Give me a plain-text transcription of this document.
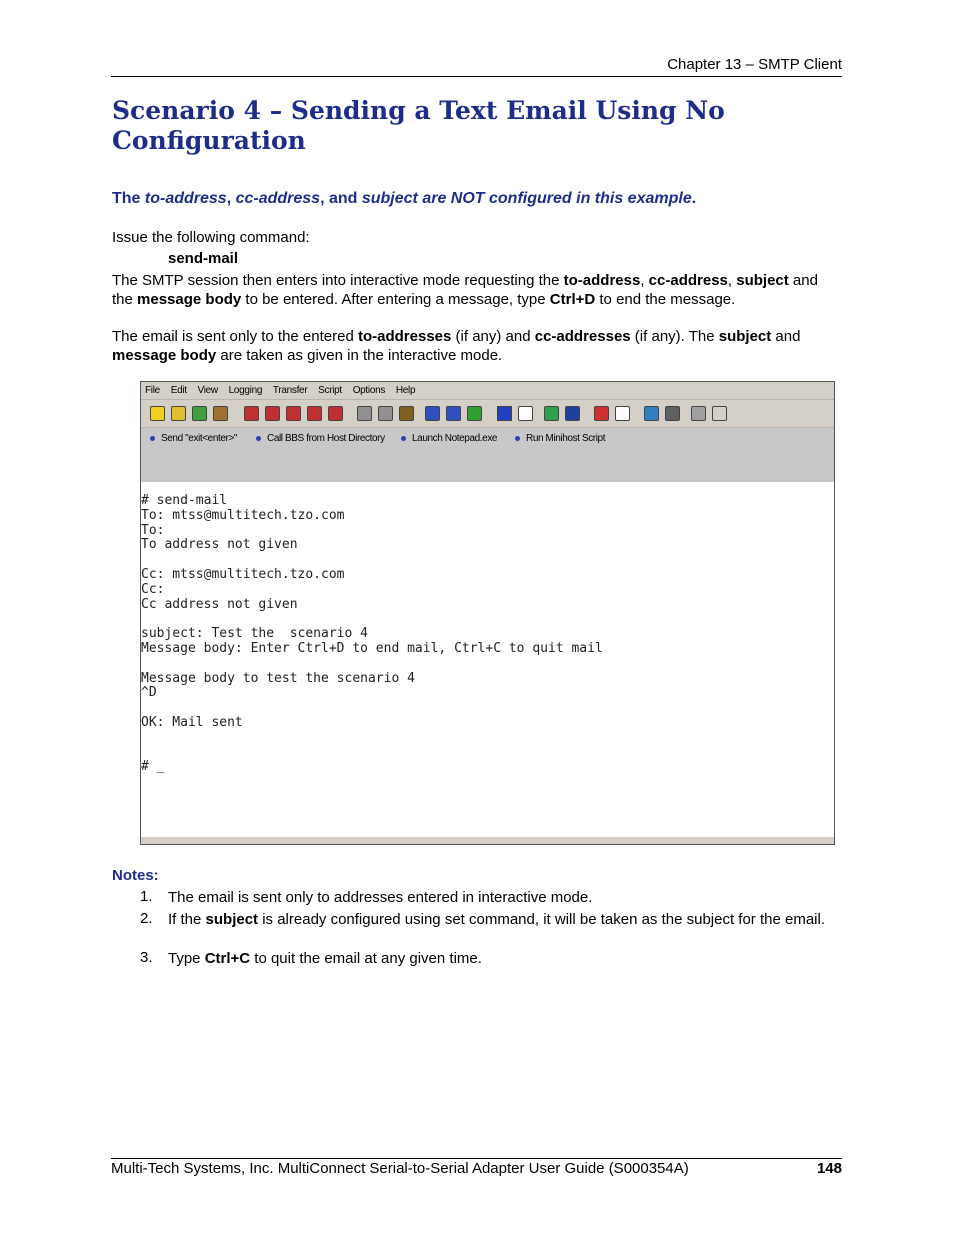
Chapter 13 – SMTP Client
Scenario 4 – Sending a Text Email Using No Configuration
The to-address, cc-address, and subject are NOT configured in this example.
Issue the following command:
send-mail
The SMTP session then enters into interactive mode requesting the to-address, cc-address, subject and the message body to be entered. After entering a message, type Ctrl+D to end the message.
The email is sent only to the entered to-addresses (if any) and cc-addresses (if any). The subject and message body are taken as given in the interactive mode.
File Edit View Logging Transfer Script Options Help
Send "exit<enter>"	Call BBS from Host Directory	Launch Notepad.exe	Run Minihost Script
# send-mail
To: mtss@multitech.tzo.com
To:
To address not given
Cc: mtss@multitech.tzo.com
Cc:
Cc address not given
subject: Test the  scenario 4
Message body: Enter Ctrl+D to end mail, Ctrl+C to quit mail
Message body to test the scenario 4
^D
OK: Mail sent
# _
Notes:
1. The email is sent only to addresses entered in interactive mode.
2. If the subject is already configured using set command, it will be taken as the subject for the email.
3. Type Ctrl+C to quit the email at any given time.
Multi-Tech Systems, Inc. MultiConnect Serial-to-Serial Adapter User Guide (S000354A)	148
